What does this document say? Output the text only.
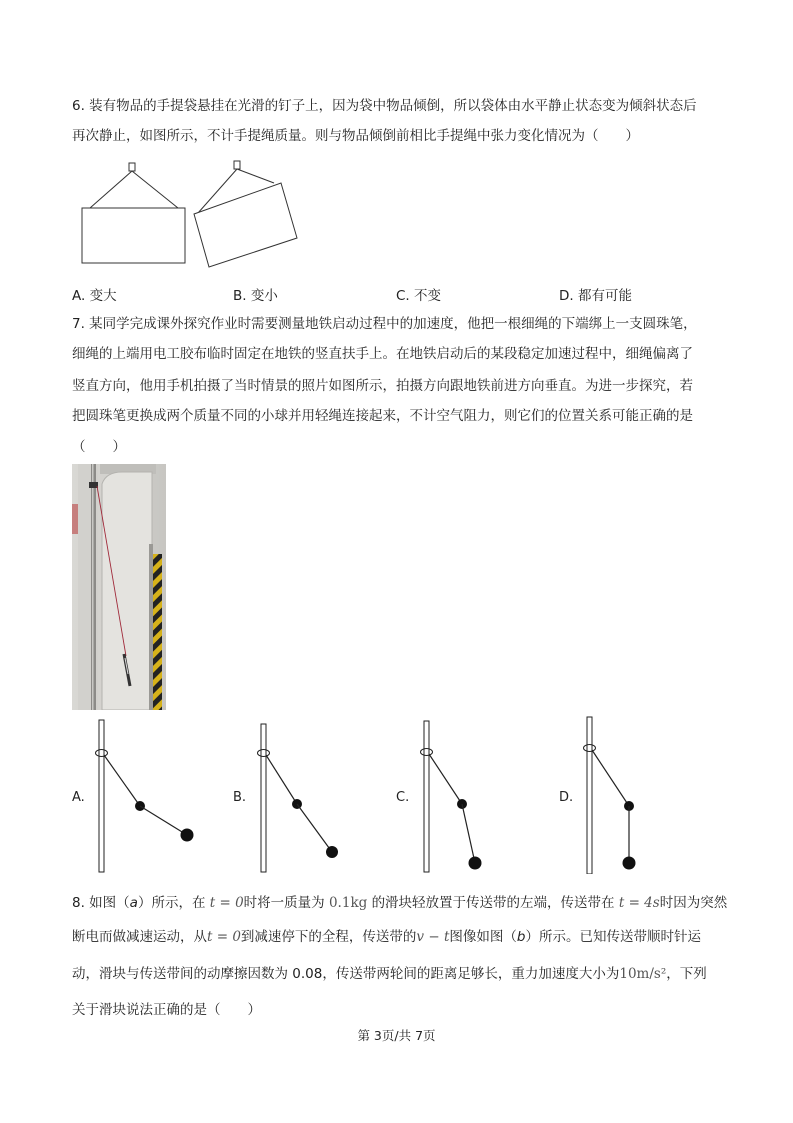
6. 装有物品的手提袋悬挂在光滑的钉子上，因为袋中物品倾倒，所以袋体由水平静止状态变为倾斜状态后
再次静止，如图所示，不计手提绳质量。则与物品倾倒前相比手提绳中张力变化情况为（　　）
A. 变大	B. 变小	C. 不变	D. 都有可能
7. 某同学完成课外探究作业时需要测量地铁启动过程中的加速度，他把一根细绳的下端绑上一支圆珠笔，
细绳的上端用电工胶布临时固定在地铁的竖直扶手上。在地铁启动后的某段稳定加速过程中，细绳偏离了
竖直方向，他用手机拍摄了当时情景的照片如图所示，拍摄方向跟地铁前进方向垂直。为进一步探究，若
把圆珠笔更换成两个质量不同的小球并用轻绳连接起来，不计空气阻力，则它们的位置关系可能正确的是
（　　）
A.	B.	C.	D.
8. 如图（a）所示，在 t = 0时将一质量为 0.1kg 的滑块轻放置于传送带的左端，传送带在 t = 4s时因为突然
断电而做减速运动，从t = 0到减速停下的全程，传送带的v − t图像如图（b）所示。已知传送带顺时针运
动，滑块与传送带间的动摩擦因数为 0.08，传送带两轮间的距离足够长，重力加速度大小为10m/s²，下列
关于滑块说法正确的是（　　）
第 3页/共 7页
